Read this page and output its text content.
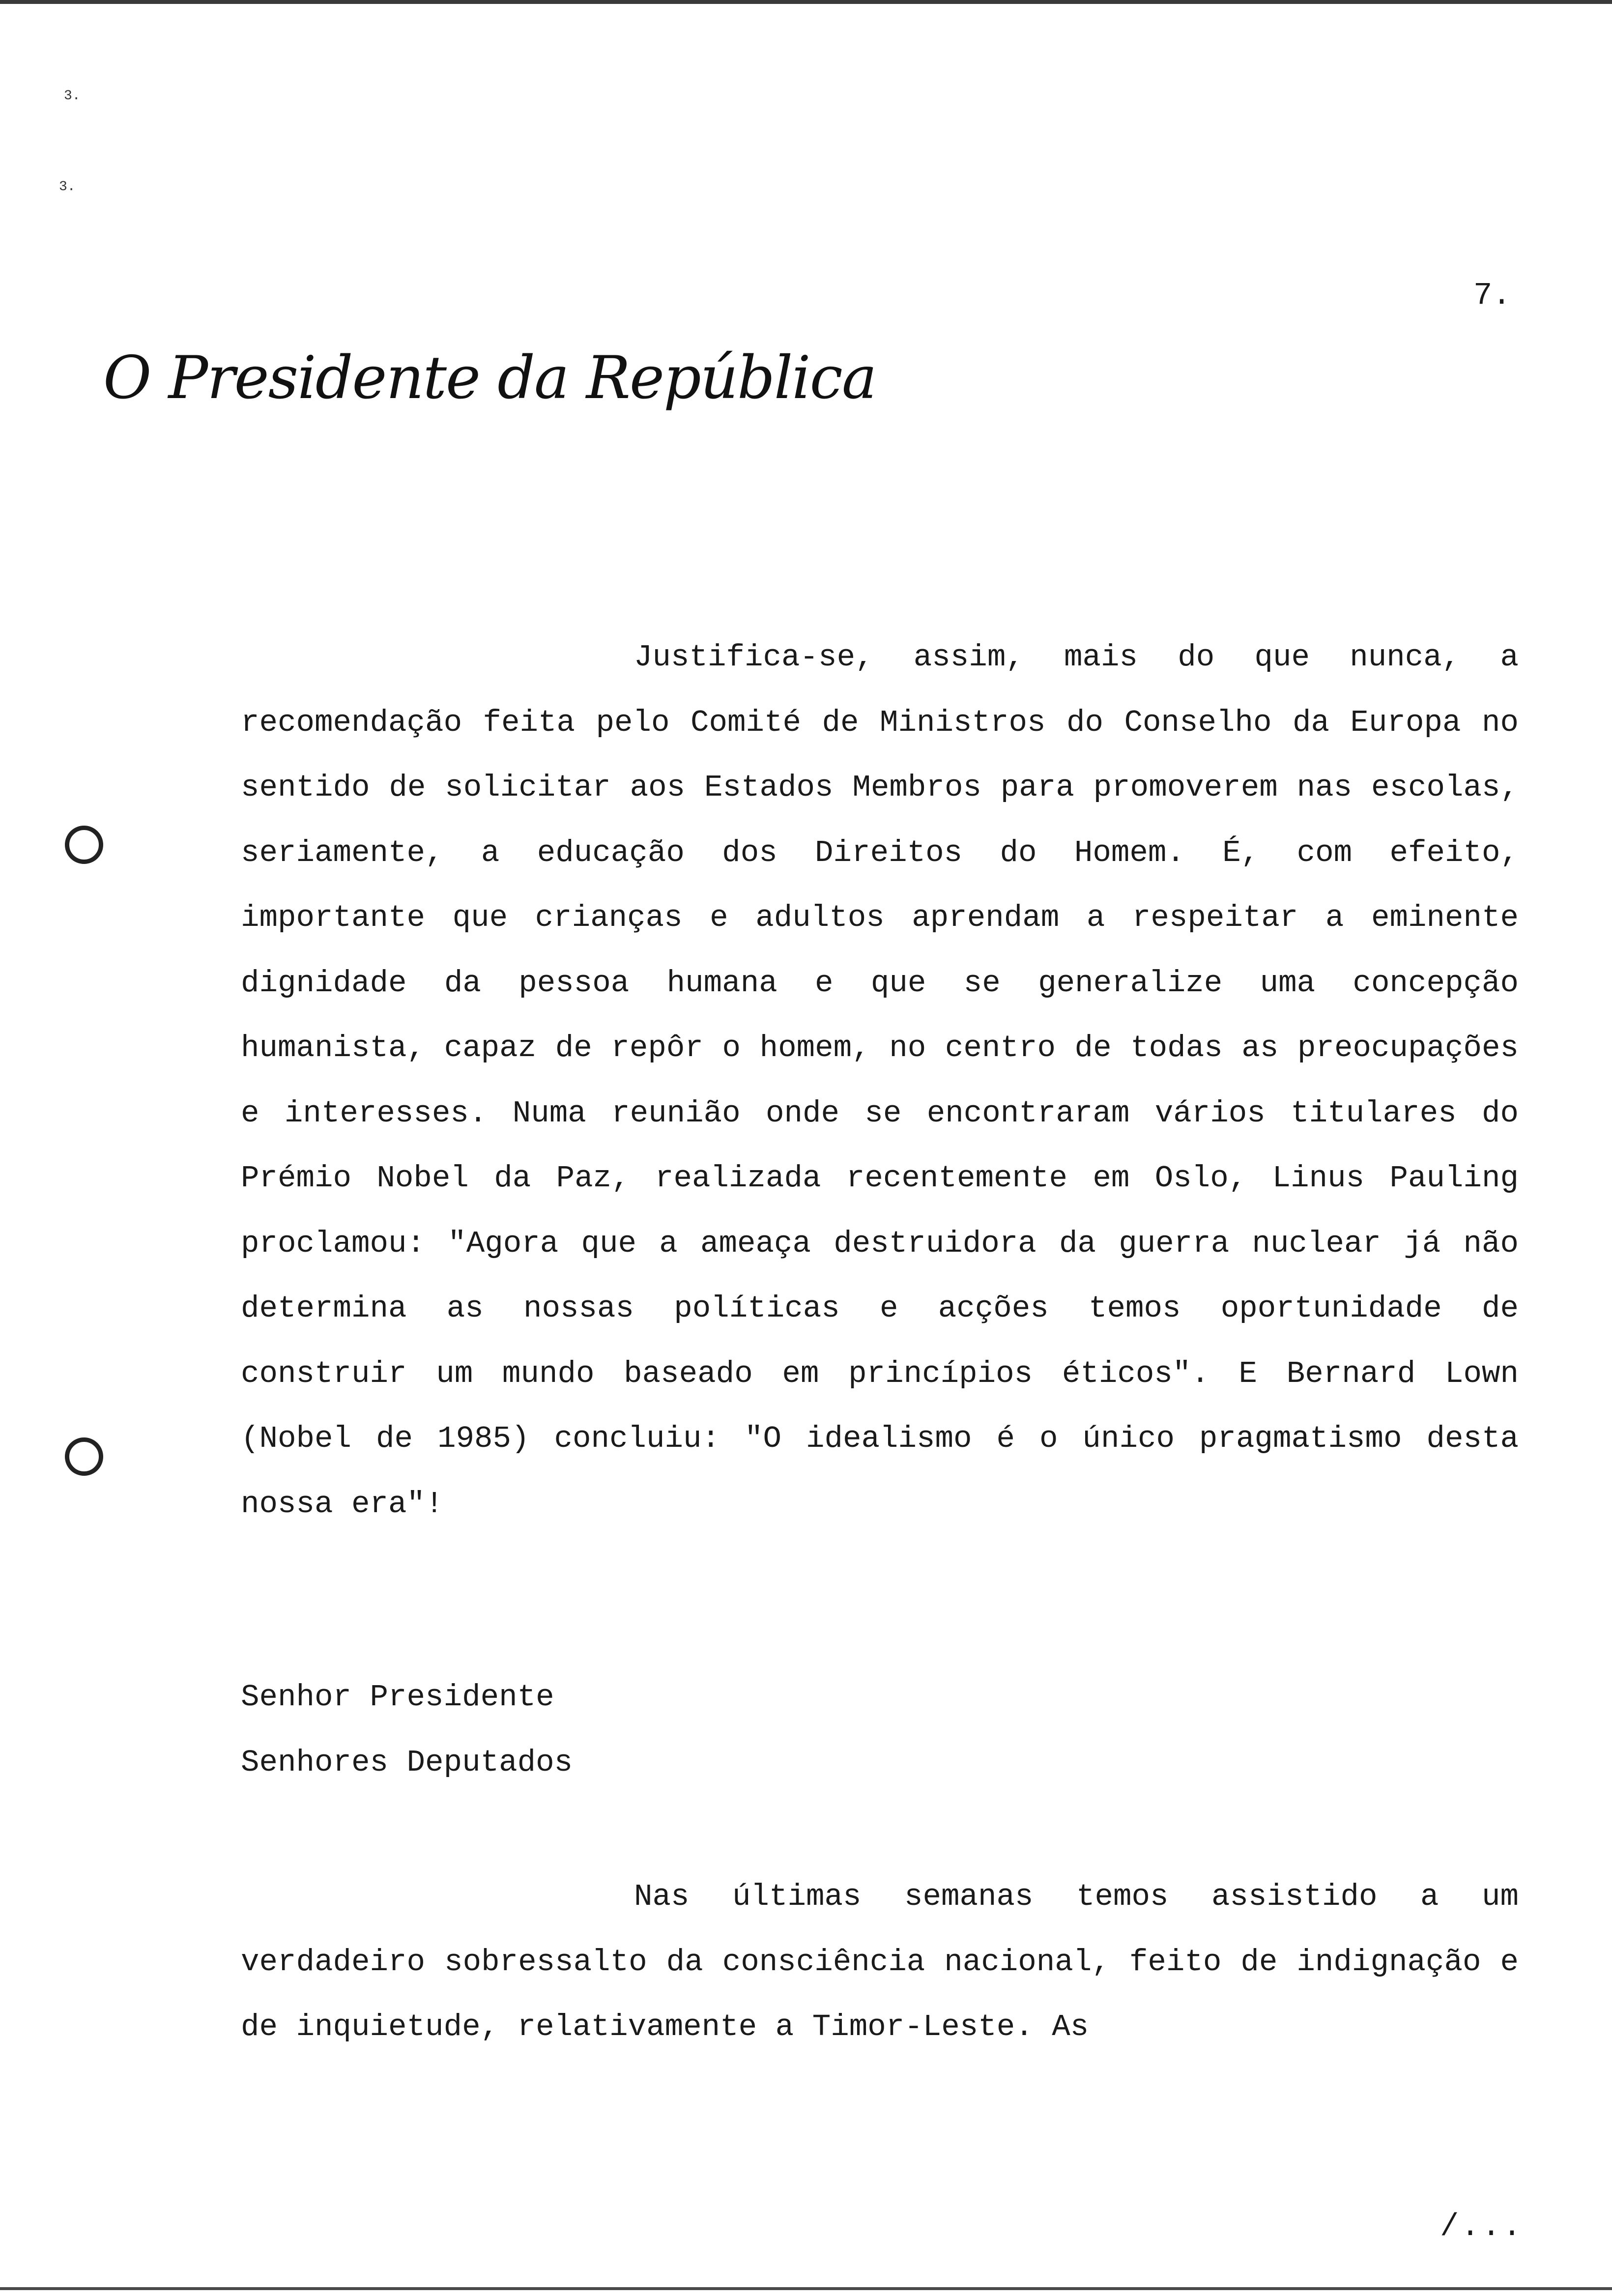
3.
3.
7.
O Presidente da República
Justifica-se, assim, mais do que nunca, a recomendação feita pelo Comité de Ministros do Conselho da Europa no sentido de solicitar aos Estados Membros para promoverem nas escolas, seriamente, a educação dos Direitos do Homem. É, com efeito, importante que crianças e adultos aprendam a respeitar a eminente dignidade da pessoa humana e que se generalize uma concepção humanista, capaz de repôr o homem, no centro de todas as preocupações e interesses. Numa reunião onde se encontraram vários titulares do Prémio Nobel da Paz, realizada recentemente em Oslo, Linus Pauling proclamou: "Agora que a ameaça destruidora da guerra nuclear já não determina as nossas políticas e acções temos oportunidade de construir um mundo baseado em princípios éticos". E Bernard Lown (Nobel de 1985) concluiu: "O idealismo é o único pragmatismo desta nossa era"!
Senhor Presidente
Senhores Deputados
Nas últimas semanas temos assistido a um verdadeiro sobressalto da consciência nacional, feito de indignação e de inquietude, relativamente a Timor-Leste. As
/...
